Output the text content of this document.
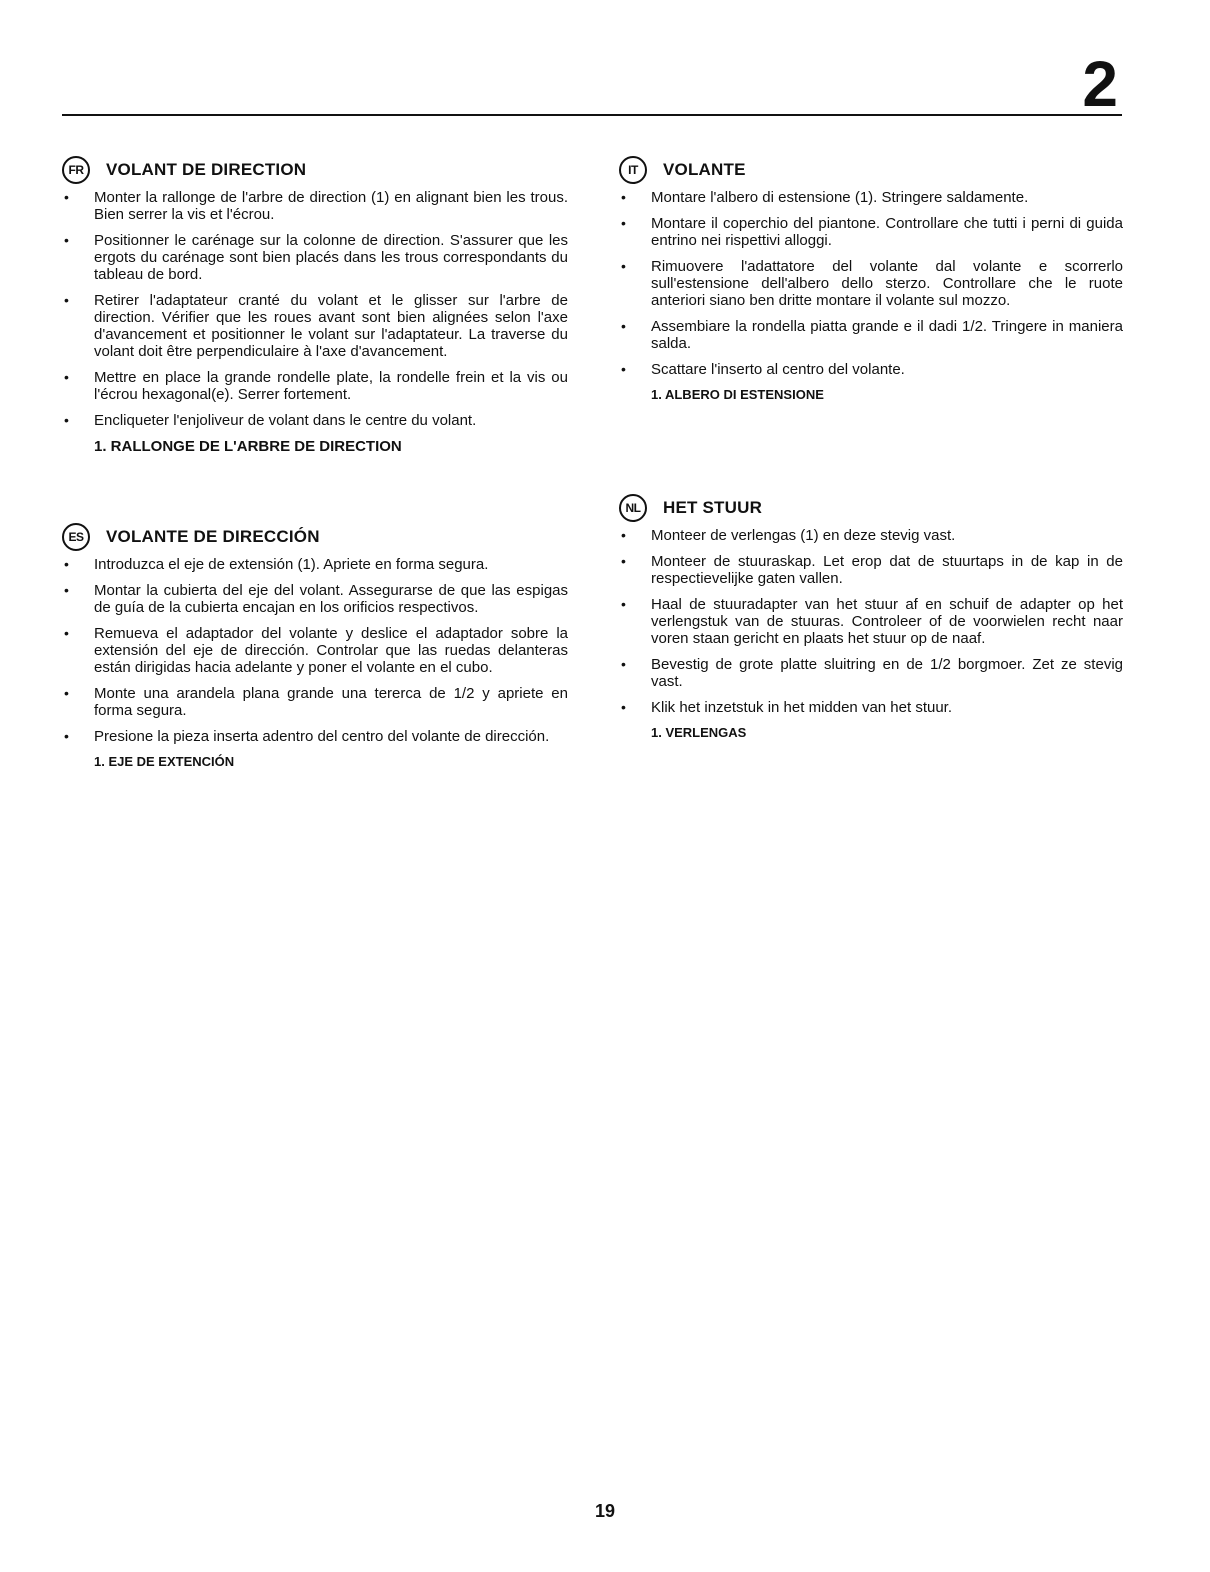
2
FR	VOLANT DE DIRECTION
• Monter la rallonge de l'arbre de direction (1) en alignant bien les trous. Bien serrer la vis et l'écrou.
• Positionner le carénage sur la colonne de direction. S'assurer que les ergots du carénage sont bien placés dans les trous correspondants du tableau de bord.
• Retirer l'adaptateur cranté du volant et le glisser sur l'arbre de direction. Vérifier que les roues avant sont bien alignées selon l'axe d'avancement et positionner le volant sur l'adaptateur. La traverse du volant doit être perpendiculaire à l'axe d'avancement.
• Mettre en place la grande rondelle plate, la rondelle frein et la vis ou l'écrou hexagonal(e). Serrer fortement.
• Encliqueter l'enjoliveur de volant dans le centre du volant.
1. RALLONGE DE L'ARBRE DE DIRECTION
ES	VOLANTE DE DIRECCIÓN
• Introduzca el eje de extensión (1). Apriete en forma segura.
• Montar la cubierta del eje del volant. Assegurarse de que las espigas de guía de la cubierta encajan en los orificios respectivos.
• Remueva el adaptador del volante y deslice el adaptador sobre la extensión del eje de dirección. Controlar que las ruedas delanteras están dirigidas hacia adelante y poner el volante en el cubo.
• Monte una arandela plana grande una tererca de 1/2 y apriete en forma segura.
• Presione la pieza inserta adentro del centro del volante de dirección.
1. EJE DE EXTENCIÓN
IT	VOLANTE
• Montare l'albero di estensione (1). Stringere saldamente.
• Montare il coperchio del piantone. Controllare che tutti i perni di guida entrino nei rispettivi alloggi.
• Rimuovere l'adattatore del volante dal volante e scorrerlo sull'estensione dell'albero dello sterzo. Controllare che le ruote anteriori siano ben dritte montare il volante sul mozzo.
• Assembiare la rondella piatta grande e il dadi 1/2. Tringere in maniera salda.
• Scattare l'inserto al centro del volante.
1. ALBERO DI ESTENSIONE
NL	HET STUUR
• Monteer de verlengas (1) en deze stevig vast.
• Monteer de stuuraskap. Let erop dat de stuurtaps in de kap in de respectievelijke gaten vallen.
• Haal de stuuradapter van het stuur af en schuif de adapter op het verlengstuk van de stuuras. Controleer of de voorwielen recht naar voren staan gericht en plaats het stuur op de naaf.
• Bevestig de grote platte sluitring en de 1/2 borgmoer. Zet ze stevig vast.
• Klik het inzetstuk in het midden van het stuur.
1. VERLENGAS
19
